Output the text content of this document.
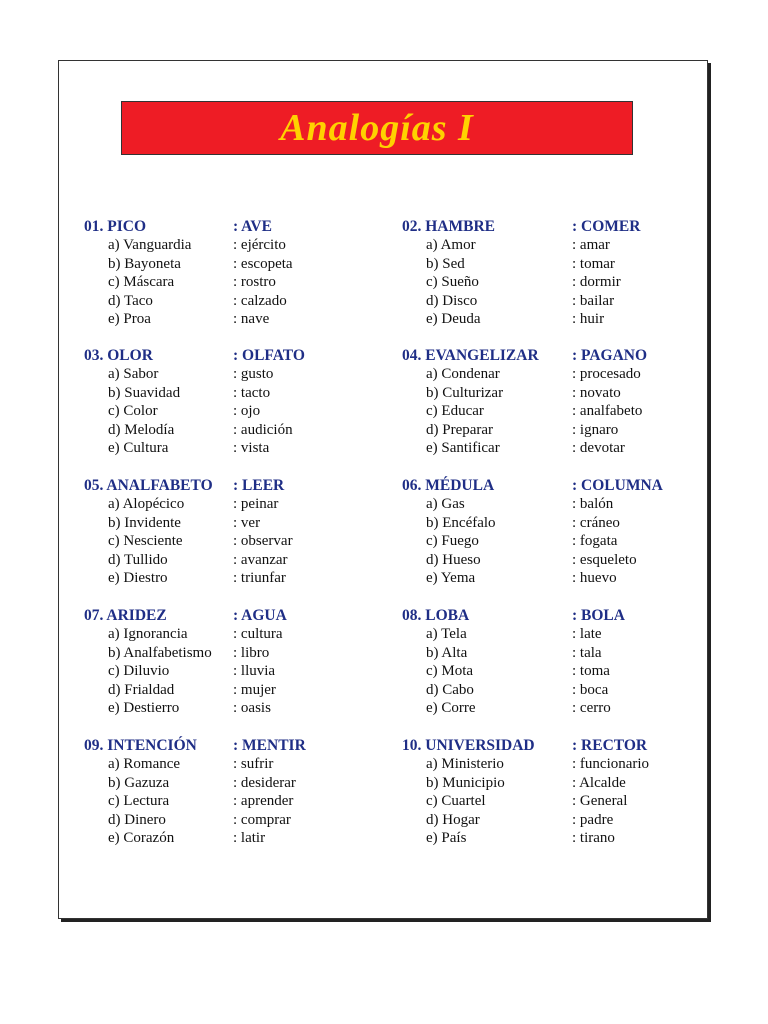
Analogías I
01. PICO	: AVE
a) Vanguardia	: ejército
b) Bayoneta	: escopeta
c) Máscara	: rostro
d) Taco	: calzado
e) Proa	: nave
02. HAMBRE	: COMER
a) Amor	: amar
b) Sed	: tomar
c) Sueño	: dormir
d) Disco	: bailar
e) Deuda	: huir
03. OLOR	: OLFATO
a) Sabor	: gusto
b) Suavidad	: tacto
c) Color	: ojo
d) Melodía	: audición
e) Cultura	: vista
04. EVANGELIZAR : PAGANO
a) Condenar	: procesado
b) Culturizar	: novato
c) Educar	: analfabeto
d) Preparar	: ignaro
e) Santificar	: devotar
05. ANALFABETO : LEER
a) Alopécico	: peinar
b) Invidente	: ver
c) Nesciente	: observar
d) Tullido	: avanzar
e) Diestro	: triunfar
06. MÉDULA	: COLUMNA
a) Gas	: balón
b) Encéfalo	: cráneo
c) Fuego	: fogata
d) Hueso	: esqueleto
e) Yema	: huevo
07. ARIDEZ	: AGUA
a) Ignorancia	: cultura
b) Analfabetismo : libro
c) Diluvio	: lluvia
d) Frialdad	: mujer
e) Destierro	: oasis
08. LOBA	: BOLA
a) Tela	: late
b) Alta	: tala
c) Mota	: toma
d) Cabo	: boca
e) Corre	: cerro
09. INTENCIÓN : MENTIR
a) Romance	: sufrir
b) Gazuza	: desiderar
c) Lectura	: aprender
d) Dinero	: comprar
e) Corazón	: latir
10. UNIVERSIDAD : RECTOR
a) Ministerio	: funcionario
b) Municipio	: Alcalde
c) Cuartel	: General
d) Hogar	: padre
e) País	: tirano
